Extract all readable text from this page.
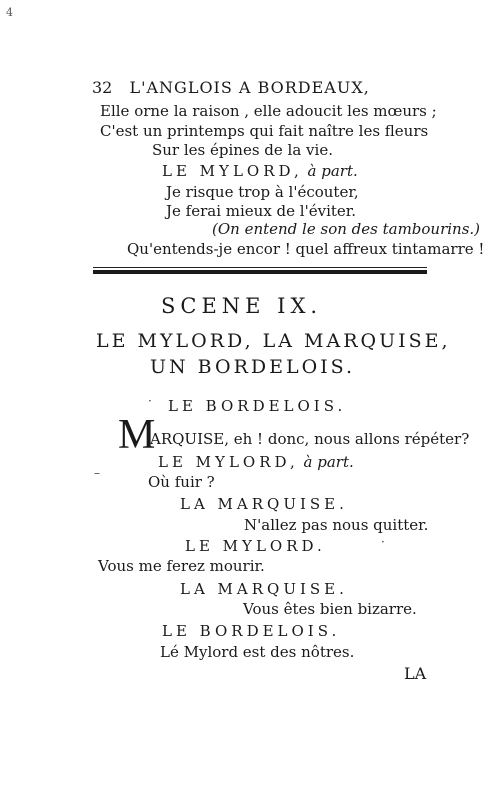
4
32 L'ANGLOIS A BORDEAUX,
Elle orne la raison , elle adoucit les mœurs ;
C'est un printemps qui fait naître les fleurs
Sur les épines de la vie.
LE MYLORD, à part.
Je risque trop à l'écouter,
Je ferai mieux de l'éviter.
(On entend le son des tambourins.)
Qu'entends-je encor ! quel affreux tintamarre !
SCENE IX.
LE MYLORD, LA MARQUISE,
UN BORDELOIS.
LE BORDELOIS.
M
ARQUISE, eh ! donc, nous allons répéter?
LE MYLORD, à part.
Où fuir ?
LA MARQUISE.
N'allez pas nous quitter.
LE MYLORD.
Vous me ferez mourir.
LA MARQUISE.
Vous êtes bien bizarre.
LE BORDELOIS.
Lé Mylord est des nôtres.
LA
·
–
·
